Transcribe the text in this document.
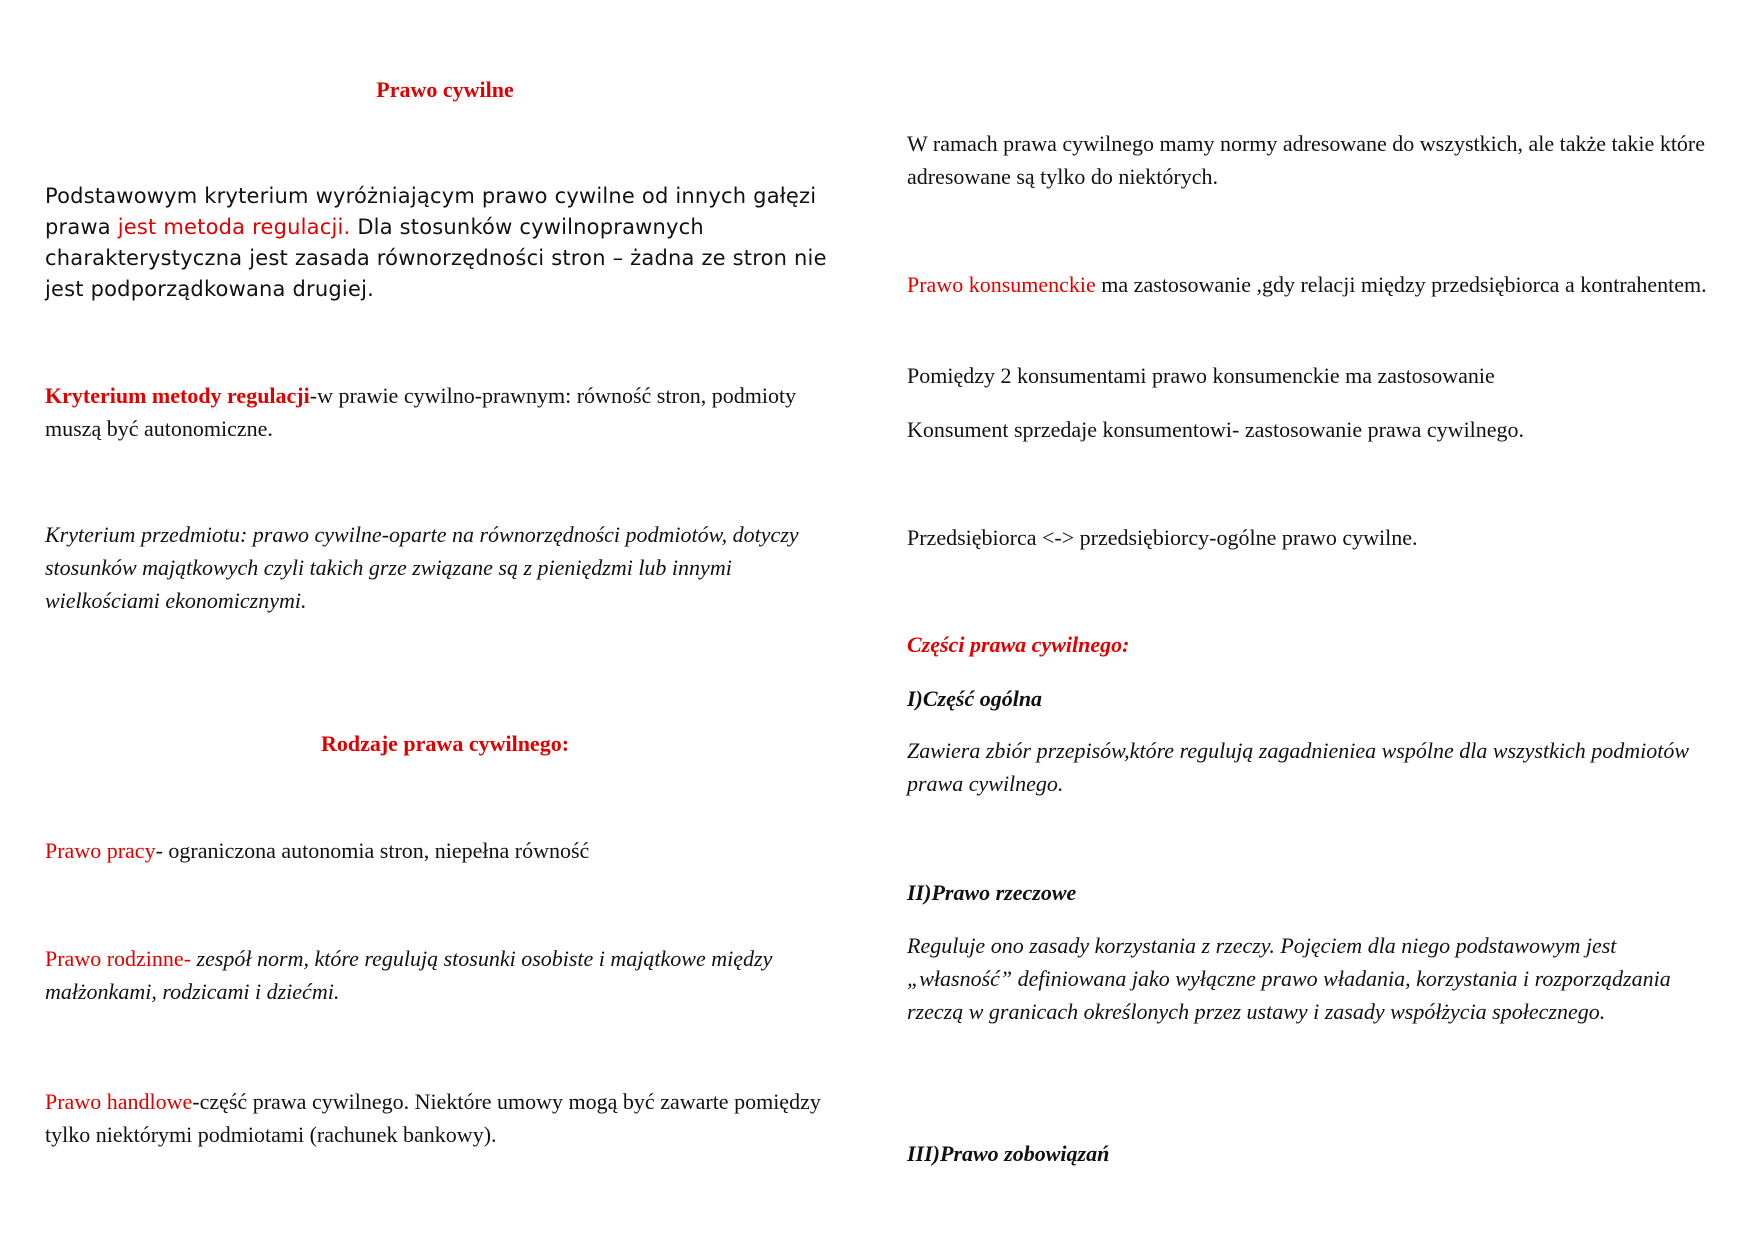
Prawo cywilne

Podstawowym kryterium wyróżniającym prawo cywilne od innych gałęzi prawa jest metoda regulacji. Dla stosunków cywilnoprawnych charakterystyczna jest zasada równorzędności stron – żadna ze stron nie jest podporządkowana drugiej.

Kryterium metody regulacji-w prawie cywilno-prawnym: równość stron, podmioty muszą być autonomiczne.

Kryterium przedmiotu: prawo cywilne-oparte na równorzędności podmiotów, dotyczy stosunków majątkowych czyli takich grze związane są z pieniędzmi lub innymi wielkościami ekonomicznymi.

Rodzaje prawa cywilnego:

Prawo pracy- ograniczona autonomia stron, niepełna równość

Prawo rodzinne- zespół norm, które regulują stosunki osobiste i majątkowe między małżonkami, rodzicami i dziećmi.

Prawo handlowe-część prawa cywilnego. Niektóre umowy mogą być zawarte pomiędzy tylko niektórymi podmiotami (rachunek bankowy).

W ramach prawa cywilnego mamy normy adresowane do wszystkich, ale także takie które adresowane są tylko do niektórych.

Prawo konsumenckie ma zastosowanie ,gdy relacji między przedsiębiorca a kontrahentem.

Pomiędzy 2 konsumentami prawo konsumenckie ma zastosowanie

Konsument sprzedaje konsumentowi- zastosowanie prawa cywilnego.

Przedsiębiorca <-> przedsiębiorcy-ogólne prawo cywilne.

Części prawa cywilnego:

I)Część ogólna

Zawiera zbiór przepisów,które regulują zagadnieniea wspólne dla wszystkich podmiotów prawa cywilnego.

II)Prawo rzeczowe

Reguluje ono zasady korzystania z rzeczy. Pojęciem dla niego podstawowym jest „własność” definiowana jako wyłączne prawo władania, korzystania i rozporządzania rzeczą w granicach określonych przez ustawy i zasady współżycia społecznego.

III)Prawo zobowiązań
